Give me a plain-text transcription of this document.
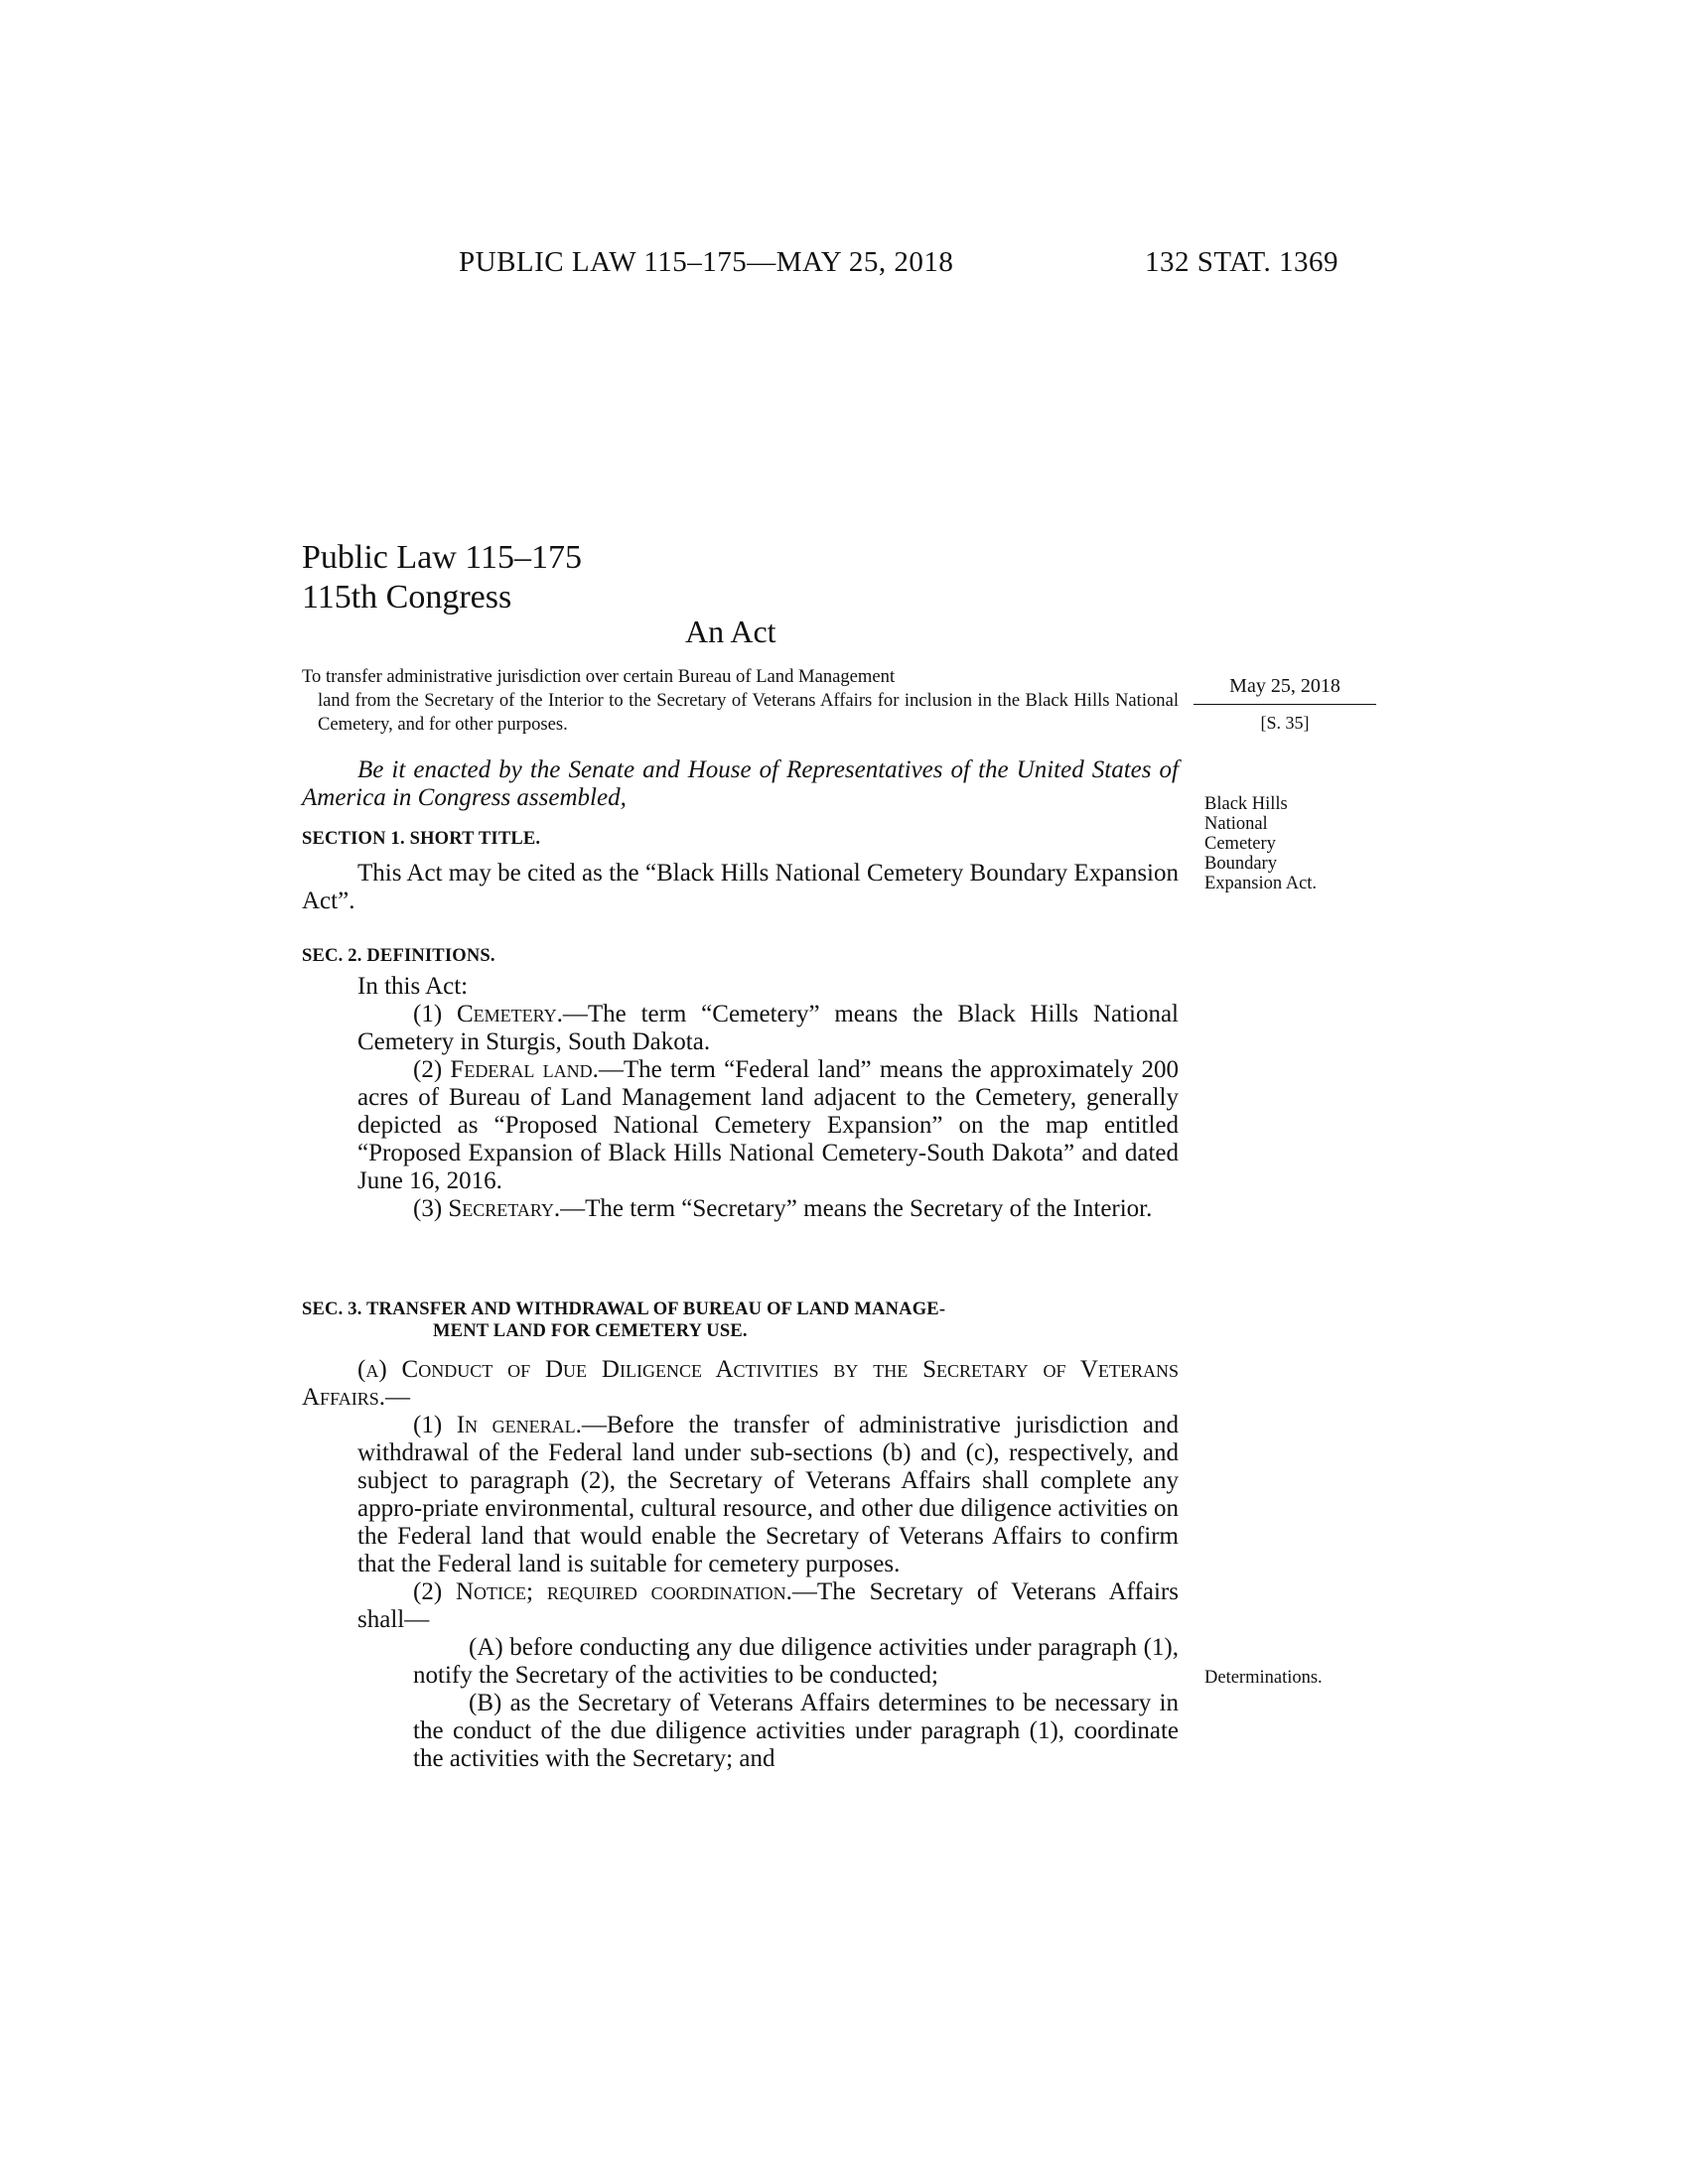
PUBLIC LAW 115–175—MAY 25, 2018	132 STAT. 1369
Public Law 115–175
115th Congress
An Act

To transfer administrative jurisdiction over certain Bureau of Land Management

land from the Secretary of the Interior to the Secretary of Veterans Affairs for inclusion in the Black Hills National Cemetery, and for other purposes.

May 25, 2018
[S. 35]

Be it enacted by the Senate and House of Representatives of the United States of America in Congress assembled,	Black Hills
National
Cemetery
Boundary
Expansion Act.
Determinations.
SECTION 1. SHORT TITLE.

This Act may be cited as the “Black Hills National Cemetery Boundary Expansion Act”.

SEC. 2. DEFINITIONS.

In this Act:

(1) Cemetery.—The term “Cemetery” means the Black Hills National Cemetery in Sturgis, South Dakota.

(2) Federal land.—The term “Federal land” means the approximately 200 acres of Bureau of Land Management land adjacent to the Cemetery, generally depicted as “Proposed National Cemetery Expansion” on the map entitled “Proposed Expansion of Black Hills National Cemetery-South Dakota” and dated June 16, 2016.

(3) Secretary.—The term “Secretary” means the Secretary of the Interior.

SEC. 3. TRANSFER AND WITHDRAWAL OF BUREAU OF LAND MANAGE-
MENT LAND FOR CEMETERY USE.

(a) Conduct of Due Diligence Activities by the Secretary of Veterans Affairs.—

(1) In general.—Before the transfer of administrative jurisdiction and withdrawal of the Federal land under sub-sections (b) and (c), respectively, and subject to paragraph (2), the Secretary of Veterans Affairs shall complete any appro-priate environmental, cultural resource, and other due diligence activities on the Federal land that would enable the Secretary of Veterans Affairs to confirm that the Federal land is suitable for cemetery purposes.

(2) Notice; required coordination.—The Secretary of Veterans Affairs shall—

(A) before conducting any due diligence activities under paragraph (1), notify the Secretary of the activities to be conducted;

(B) as the Secretary of Veterans Affairs determines to be necessary in the conduct of the due diligence activities under paragraph (1), coordinate the activities with the Secretary; and
